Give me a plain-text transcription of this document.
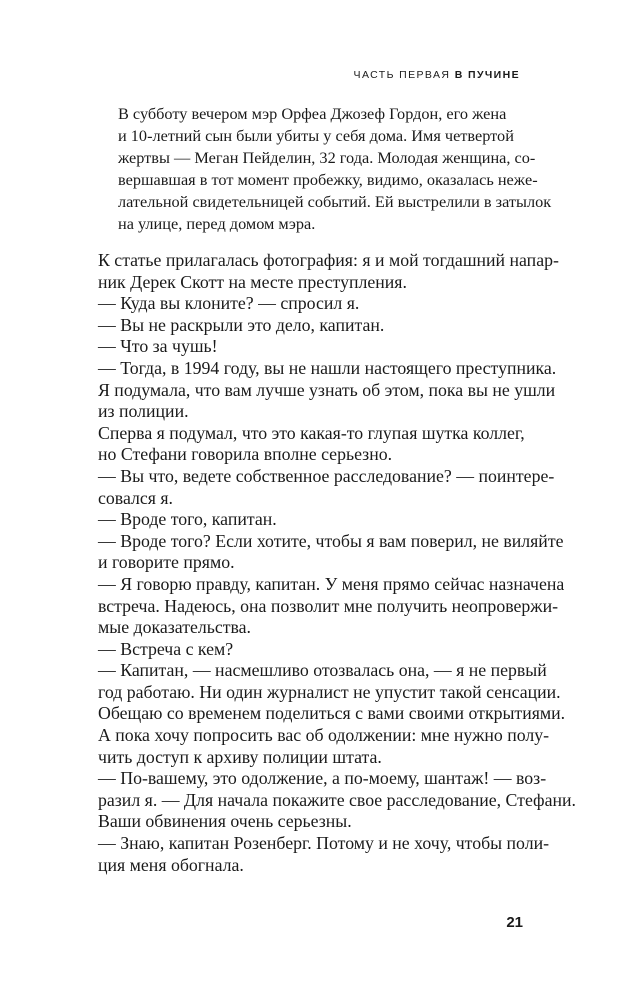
ЧАСТЬ ПЕРВАЯ В ПУЧИНЕ
В субботу вечером мэр Орфеа Джозеф Гордон, его жена
и 10-летний сын были убиты у себя дома. Имя четвертой
жертвы — Меган Пейделин, 32 года. Молодая женщина, со-
вершавшая в тот момент пробежку, видимо, оказалась нежe-
лательной свидетельницей событий. Ей выстрелили в затылок
на улице, перед домом мэра.
К статье прилагалась фотография: я и мой тогдашний напар-
ник Дерек Скотт на месте преступления.
— Куда вы клоните? — спросил я.
— Вы не раскрыли это дело, капитан.
— Что за чушь!
— Тогда, в 1994 году, вы не нашли настоящего преступника.
Я подумала, что вам лучше узнать об этом, пока вы не ушли
из полиции.
Сперва я подумал, что это какая-то глупая шутка коллег,
но Стефани говорила вполне серьезно.
— Вы что, ведете собственное расследование? — поинтере-
совался я.
— Вроде того, капитан.
— Вроде того? Если хотите, чтобы я вам поверил, не виляйте
и говорите прямо.
— Я говорю правду, капитан. У меня прямо сейчас назначена
встреча. Надеюсь, она позволит мне получить неопровержи-
мые доказательства.
— Встреча с кем?
— Капитан, — насмешливо отозвалась она, — я не первый
год работаю. Ни один журналист не упустит такой сенсации.
Обещаю со временем поделиться с вами своими открытиями.
А пока хочу попросить вас об одолжении: мне нужно полу-
чить доступ к архиву полиции штата.
— По-вашему, это одолжение, а по-моему, шантаж! — воз-
разил я. — Для начала покажите свое расследование, Стефани.
Ваши обвинения очень серьезны.
— Знаю, капитан Розенберг. Потому и не хочу, чтобы поли-
ция меня обогнала.
21
